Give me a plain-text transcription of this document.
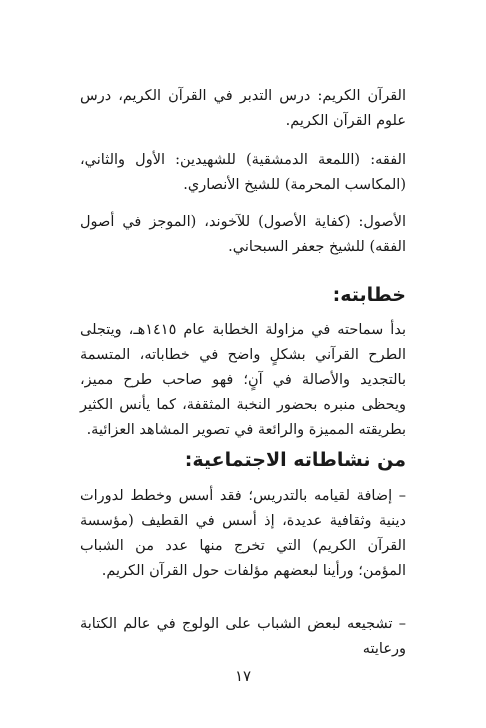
القرآن الكريم: درس التدبر في القرآن الكريم، درس علوم القرآن الكريم.

الفقه: (اللمعة الدمشقية) للشهيدين: الأول والثاني، (المكاسب المحرمة) للشيخ الأنصاري.

الأصول: (كفاية الأصول) للآخوند، (الموجز في أصول الفقه) للشيخ جعفر السبحاني.

خطابته:

بدأ سماحته في مزاولة الخطابة عام ١٤١٥هـ، ويتجلى الطرح القرآني بشكلٍ واضح في خطاباته، المتسمة بالتجديد والأصالة في آنٍ؛ فهو صاحب طرح مميز، ويحظى منبره بحضور النخبة المثقفة، كما يأنس الكثير بطريقته المميزة والرائعة في تصوير المشاهد العزائية.

من نشاطاته الاجتماعية:

– إضافة لقيامه بالتدريس؛ فقد أسس وخطط لدورات دينية وثقافية عديدة، إذ أسس في القطيف (مؤسسة القرآن الكريم) التي تخرج منها عدد من الشباب المؤمن؛ ورأينا لبعضهم مؤلفات حول القرآن الكريم.

– تشجيعه لبعض الشباب على الولوج في عالم الكتابة ورعايته

١٧
